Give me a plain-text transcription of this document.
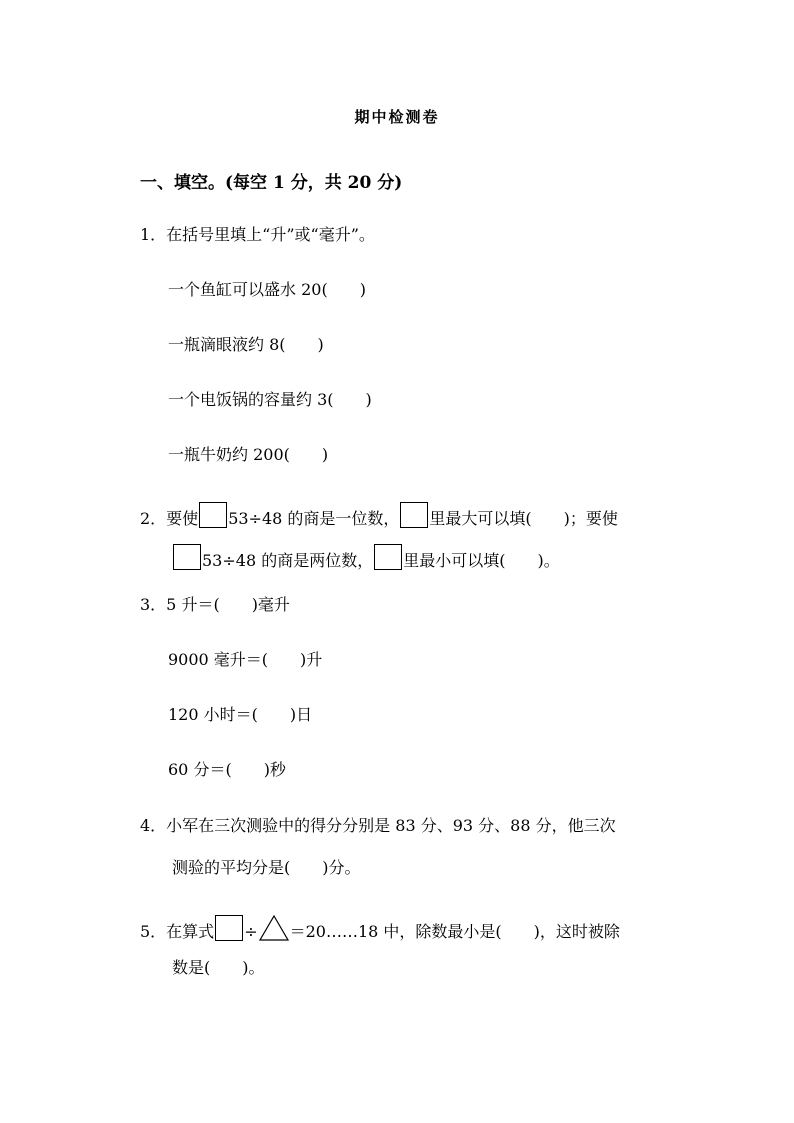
期中检测卷
一、填空。(每空 1 分，共 20 分)
1．在括号里填上“升”或“毫升”。
一个鱼缸可以盛水 20(　　)
一瓶滴眼液约 8(　　)
一个电饭锅的容量约 3(　　)
一瓶牛奶约 200(　　)
2．要使 53÷48 的商是一位数， 里最大可以填(　　)；要使
53÷48 的商是两位数， 里最小可以填(　　)。
3．5 升＝(　　)毫升
9000 毫升＝(　　)升
120 小时＝(　　)日
60 分＝(　　)秒
4．小军在三次测验中的得分分别是 83 分、93 分、88 分，他三次
测验的平均分是(　　)分。
5．在算式 ÷ ＝20……18 中，除数最小是(　　)，这时被除
数是(　　)。
